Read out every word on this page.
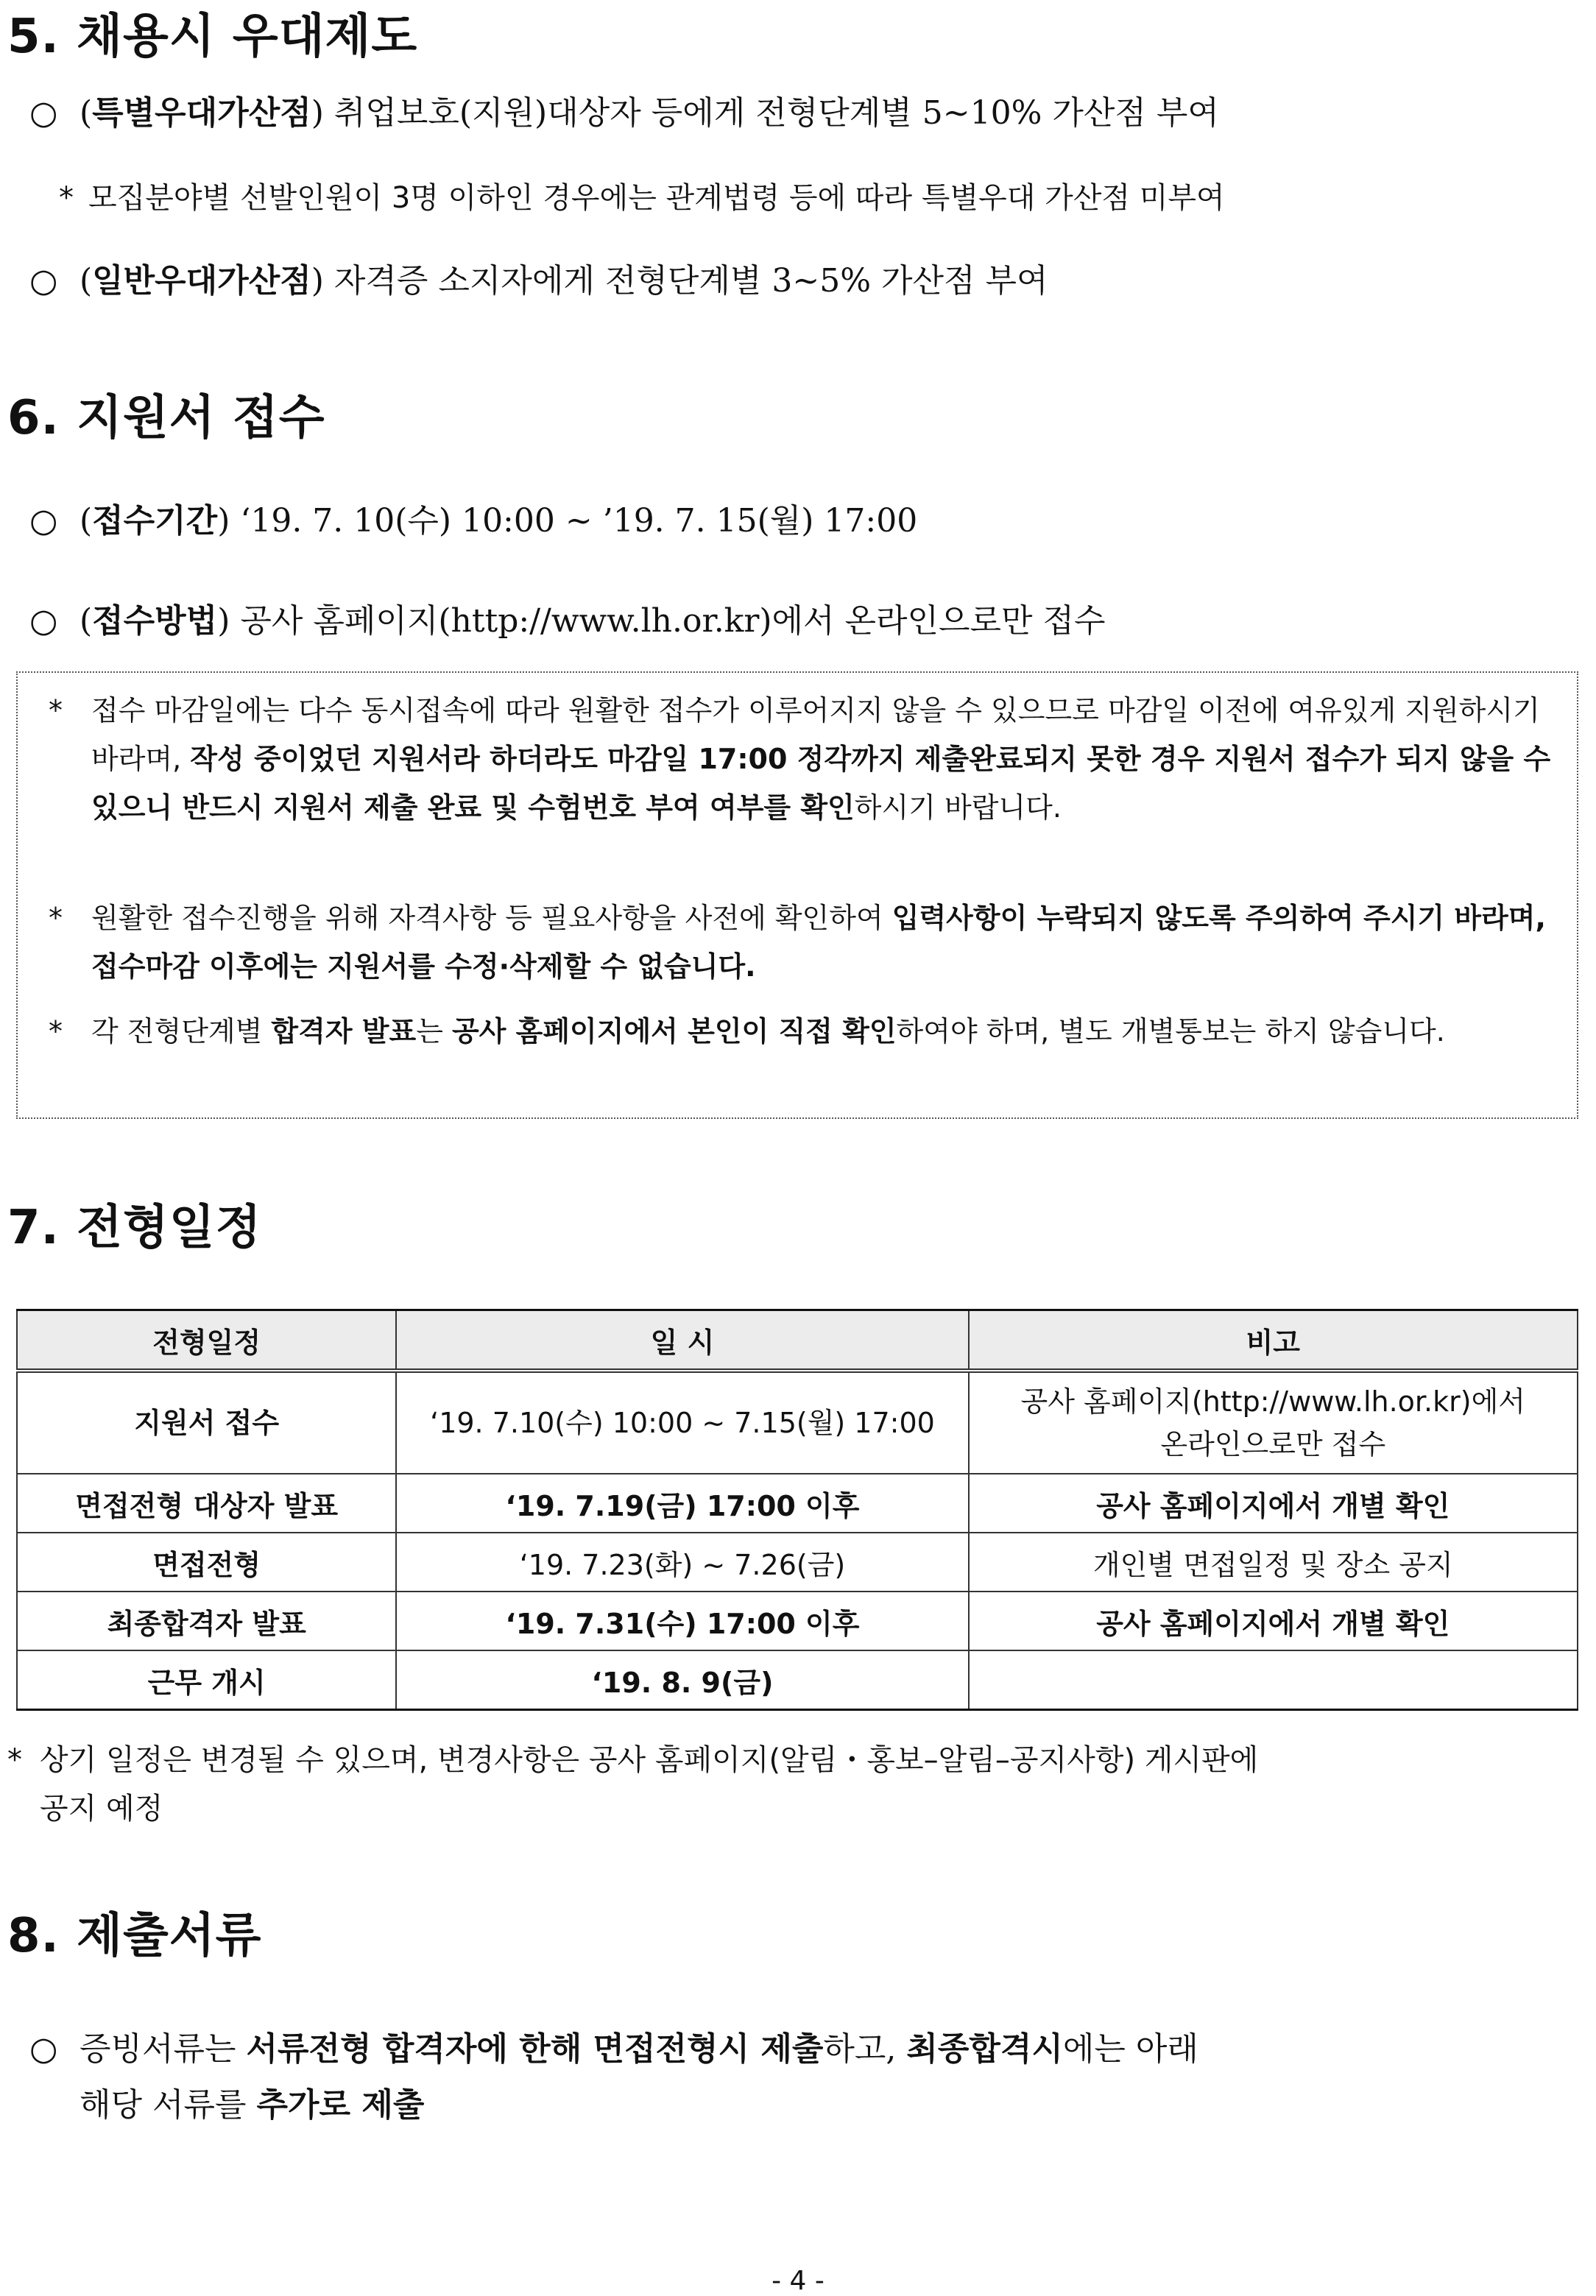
5. 채용시 우대제도
○ (특별우대가산점) 취업보호(지원)대상자 등에게 전형단계별 5~10% 가산점 부여
* 모집분야별 선발인원이 3명 이하인 경우에는 관계법령 등에 따라 특별우대 가산점 미부여
○ (일반우대가산점) 자격증 소지자에게 전형단계별 3~5% 가산점 부여
6. 지원서 접수
○ (접수기간) ‘19. 7. 10(수) 10:00 ~ ’19. 7. 15(월) 17:00
○ (접수방법) 공사 홈페이지(http://www.lh.or.kr)에서 온라인으로만 접수
*	접수 마감일에는 다수 동시접속에 따라 원활한 접수가 이루어지지 않을 수 있으므로 마감일 이전에 여유있게 지원하시기 바라며, 작성 중이었던 지원서라 하더라도 마감일 17:00 정각까지 제출완료되지 못한 경우 지원서 접수가 되지 않을 수 있으니 반드시 지원서 제출 완료 및 수험번호 부여 여부를 확인하시기 바랍니다.
*	원활한 접수진행을 위해 자격사항 등 필요사항을 사전에 확인하여 입력사항이 누락되지 않도록 주의하여 주시기 바라며, 접수마감 이후에는 지원서를 수정·삭제할 수 없습니다.
*	각 전형단계별 합격자 발표는 공사 홈페이지에서 본인이 직접 확인하여야 하며, 별도 개별통보는 하지 않습니다.
7. 전형일정
전형일정	일 시	비고
지원서 접수	‘19. 7.10(수) 10:00 ~ 7.15(월) 17:00	공사 홈페이지(http://www.lh.or.kr)에서
온라인으로만 접수

면접전형 대상자 발표	‘19. 7.19(금) 17:00 이후	공사 홈페이지에서 개별 확인
면접전형	‘19. 7.23(화) ~ 7.26(금)	개인별 면접일정 및 장소 공지
최종합격자 발표	‘19. 7.31(수) 17:00 이후	공사 홈페이지에서 개별 확인
근무 개시	‘19. 8. 9(금)	
* 상기 일정은 변경될 수 있으며, 변경사항은 공사 홈페이지(알림・홍보–알림–공지사항) 게시판에
공지 예정
8. 제출서류
○ 증빙서류는 서류전형 합격자에 한해 면접전형시 제출하고, 최종합격시에는 아래
해당 서류를 추가로 제출
- 4 -
